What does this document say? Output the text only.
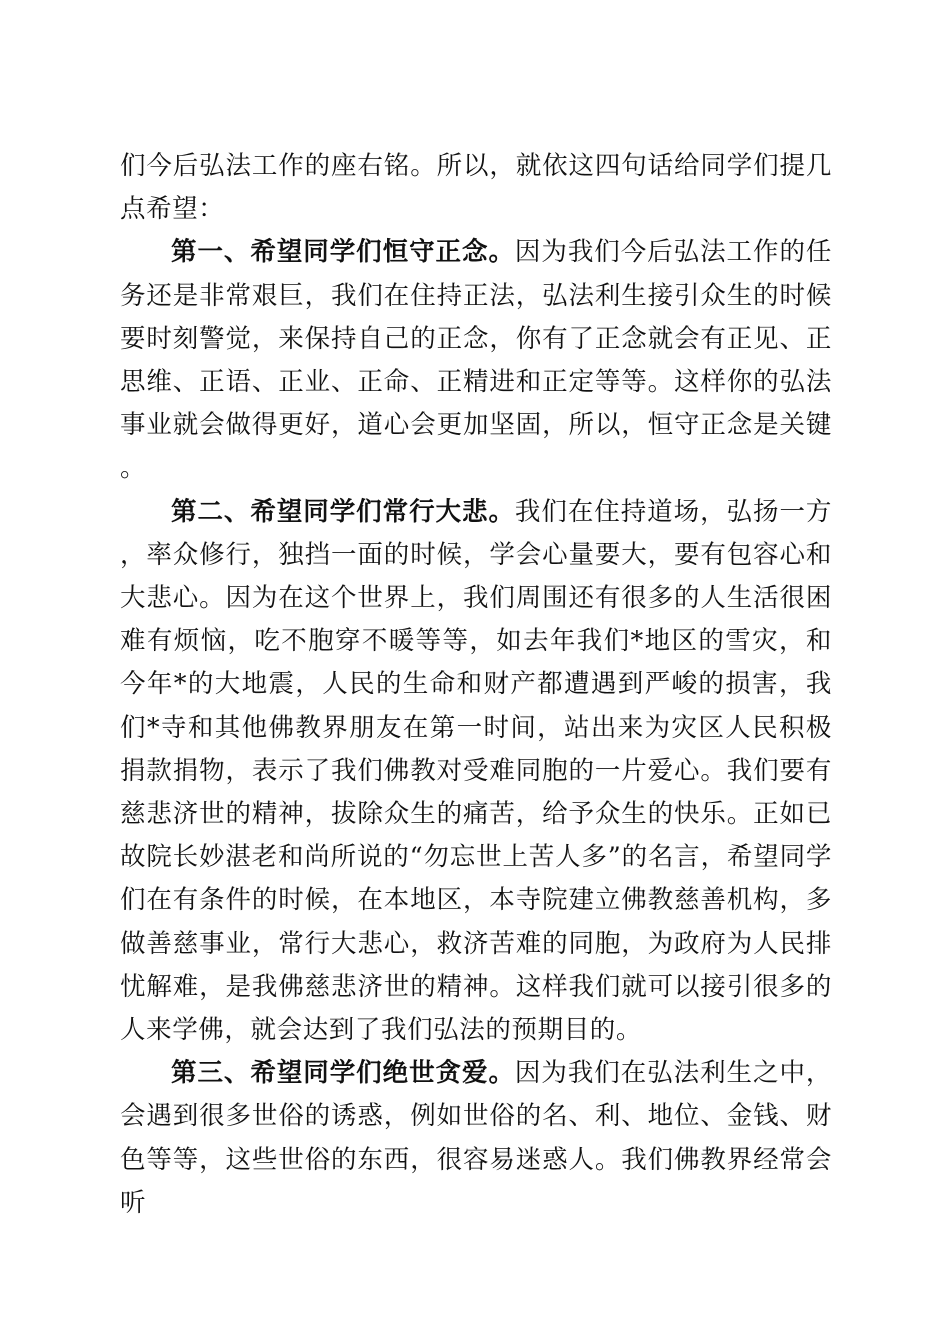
们今后弘法工作的座右铭。所以，就依这四句话给同学们提几点希望：

第一、希望同学们恒守正念。因为我们今后弘法工作的任务还是非常艰巨，我们在住持正法，弘法利生接引众生的时候要时刻警觉，来保持自己的正念，你有了正念就会有正见、正思维、正语、正业、正命、正精进和正定等等。这样你的弘法事业就会做得更好，道心会更加坚固，所以，恒守正念是关键。

第二、希望同学们常行大悲。我们在住持道场，弘扬一方，率众修行，独挡一面的时候，学会心量要大，要有包容心和大悲心。因为在这个世界上，我们周围还有很多的人生活很困难有烦恼，吃不胞穿不暖等等，如去年我们*地区的雪灾，和今年*的大地震，人民的生命和财产都遭遇到严峻的损害，我们*寺和其他佛教界朋友在第一时间，站出来为灾区人民积极捐款捐物，表示了我们佛教对受难同胞的一片爱心。我们要有慈悲济世的精神，拔除众生的痛苦，给予众生的快乐。正如已故院长妙湛老和尚所说的“勿忘世上苦人多”的名言，希望同学们在有条件的时候，在本地区，本寺院建立佛教慈善机构，多做善慈事业，常行大悲心，救济苦难的同胞，为政府为人民排忧解难，是我佛慈悲济世的精神。这样我们就可以接引很多的人来学佛，就会达到了我们弘法的预期目的。

第三、希望同学们绝世贪爱。因为我们在弘法利生之中，会遇到很多世俗的诱惑，例如世俗的名、利、地位、金钱、财色等等，这些世俗的东西，很容易迷惑人。我们佛教界经常会听
